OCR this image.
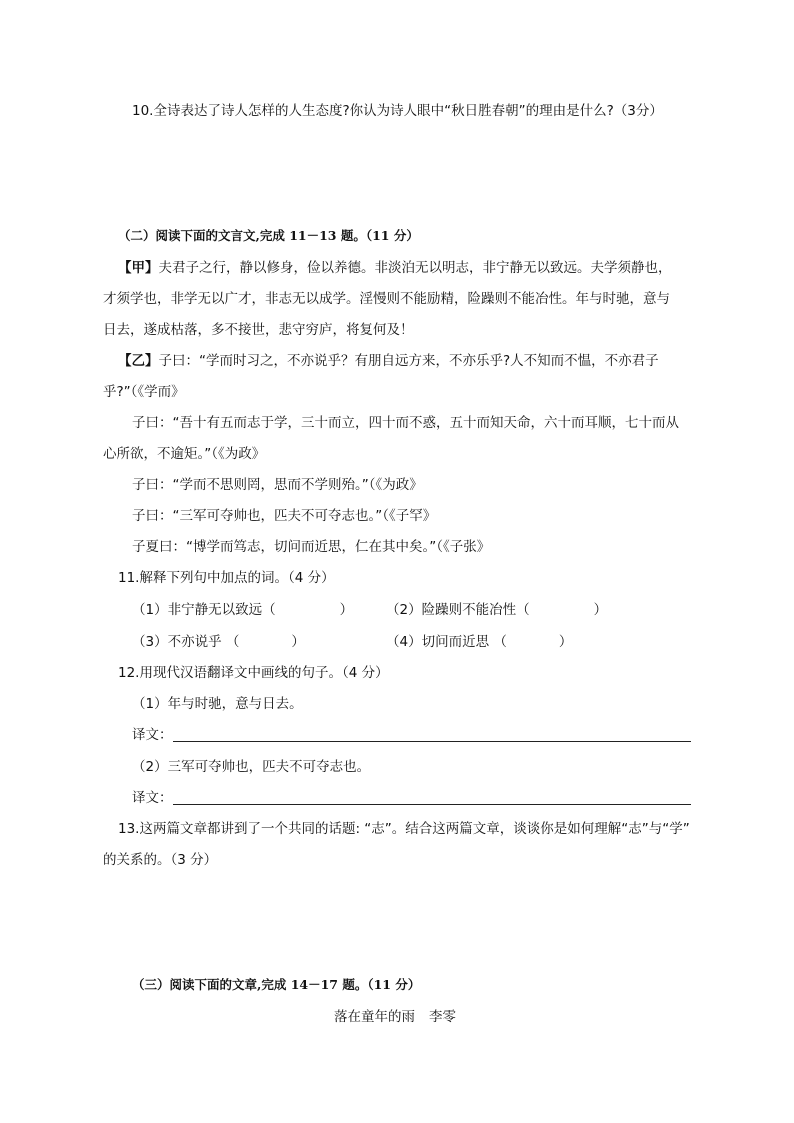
10.全诗表达了诗人怎样的人生态度?你认为诗人眼中“秋日胜春朝”的理由是什么?（3分）
（二）阅读下面的文言文,完成 11－13 题。（11 分）
【甲】夫君子之行，静以修身，俭以养德。非淡泊无以明志，非宁静无以致远。夫学须静也，
才须学也，非学无以广才，非志无以成学。淫慢则不能励精，险躁则不能冶性。年与时驰，意与
日去，遂成枯落，多不接世，悲守穷庐，将复何及！
【乙】子曰：“学而时习之，不亦说乎？有朋自远方来，不亦乐乎?人不知而不愠，不亦君子
乎?”（《学而》
子曰：“吾十有五而志于学，三十而立，四十而不惑，五十而知天命，六十而耳顺，七十而从
心所欲，不逾矩。”（《为政》
子曰：“学而不思则罔，思而不学则殆。”（《为政》
子曰：“三军可夺帅也，匹夫不可夺志也。”（《子罕》
子夏曰：“博学而笃志，切问而近思，仁在其中矣。”（《子张》
11.解释下列句中加点的词。（4 分）
（1）非宁静无以致远（	） （2）险躁则不能冶性（	）
（3）不亦说乎 （	）	（4）切问而近思 （	）
12.用现代汉语翻译文中画线的句子。（4 分）
（1）年与时驰，意与日去。
译文：
（2）三军可夺帅也，匹夫不可夺志也。
译文：
13.这两篇文章都讲到了一个共同的话题: “志”。结合这两篇文章，谈谈你是如何理解“志”与“学”
的关系的。（3 分）
（三）阅读下面的文章,完成 14－17 题。（11 分）
落在童年的雨 李零
